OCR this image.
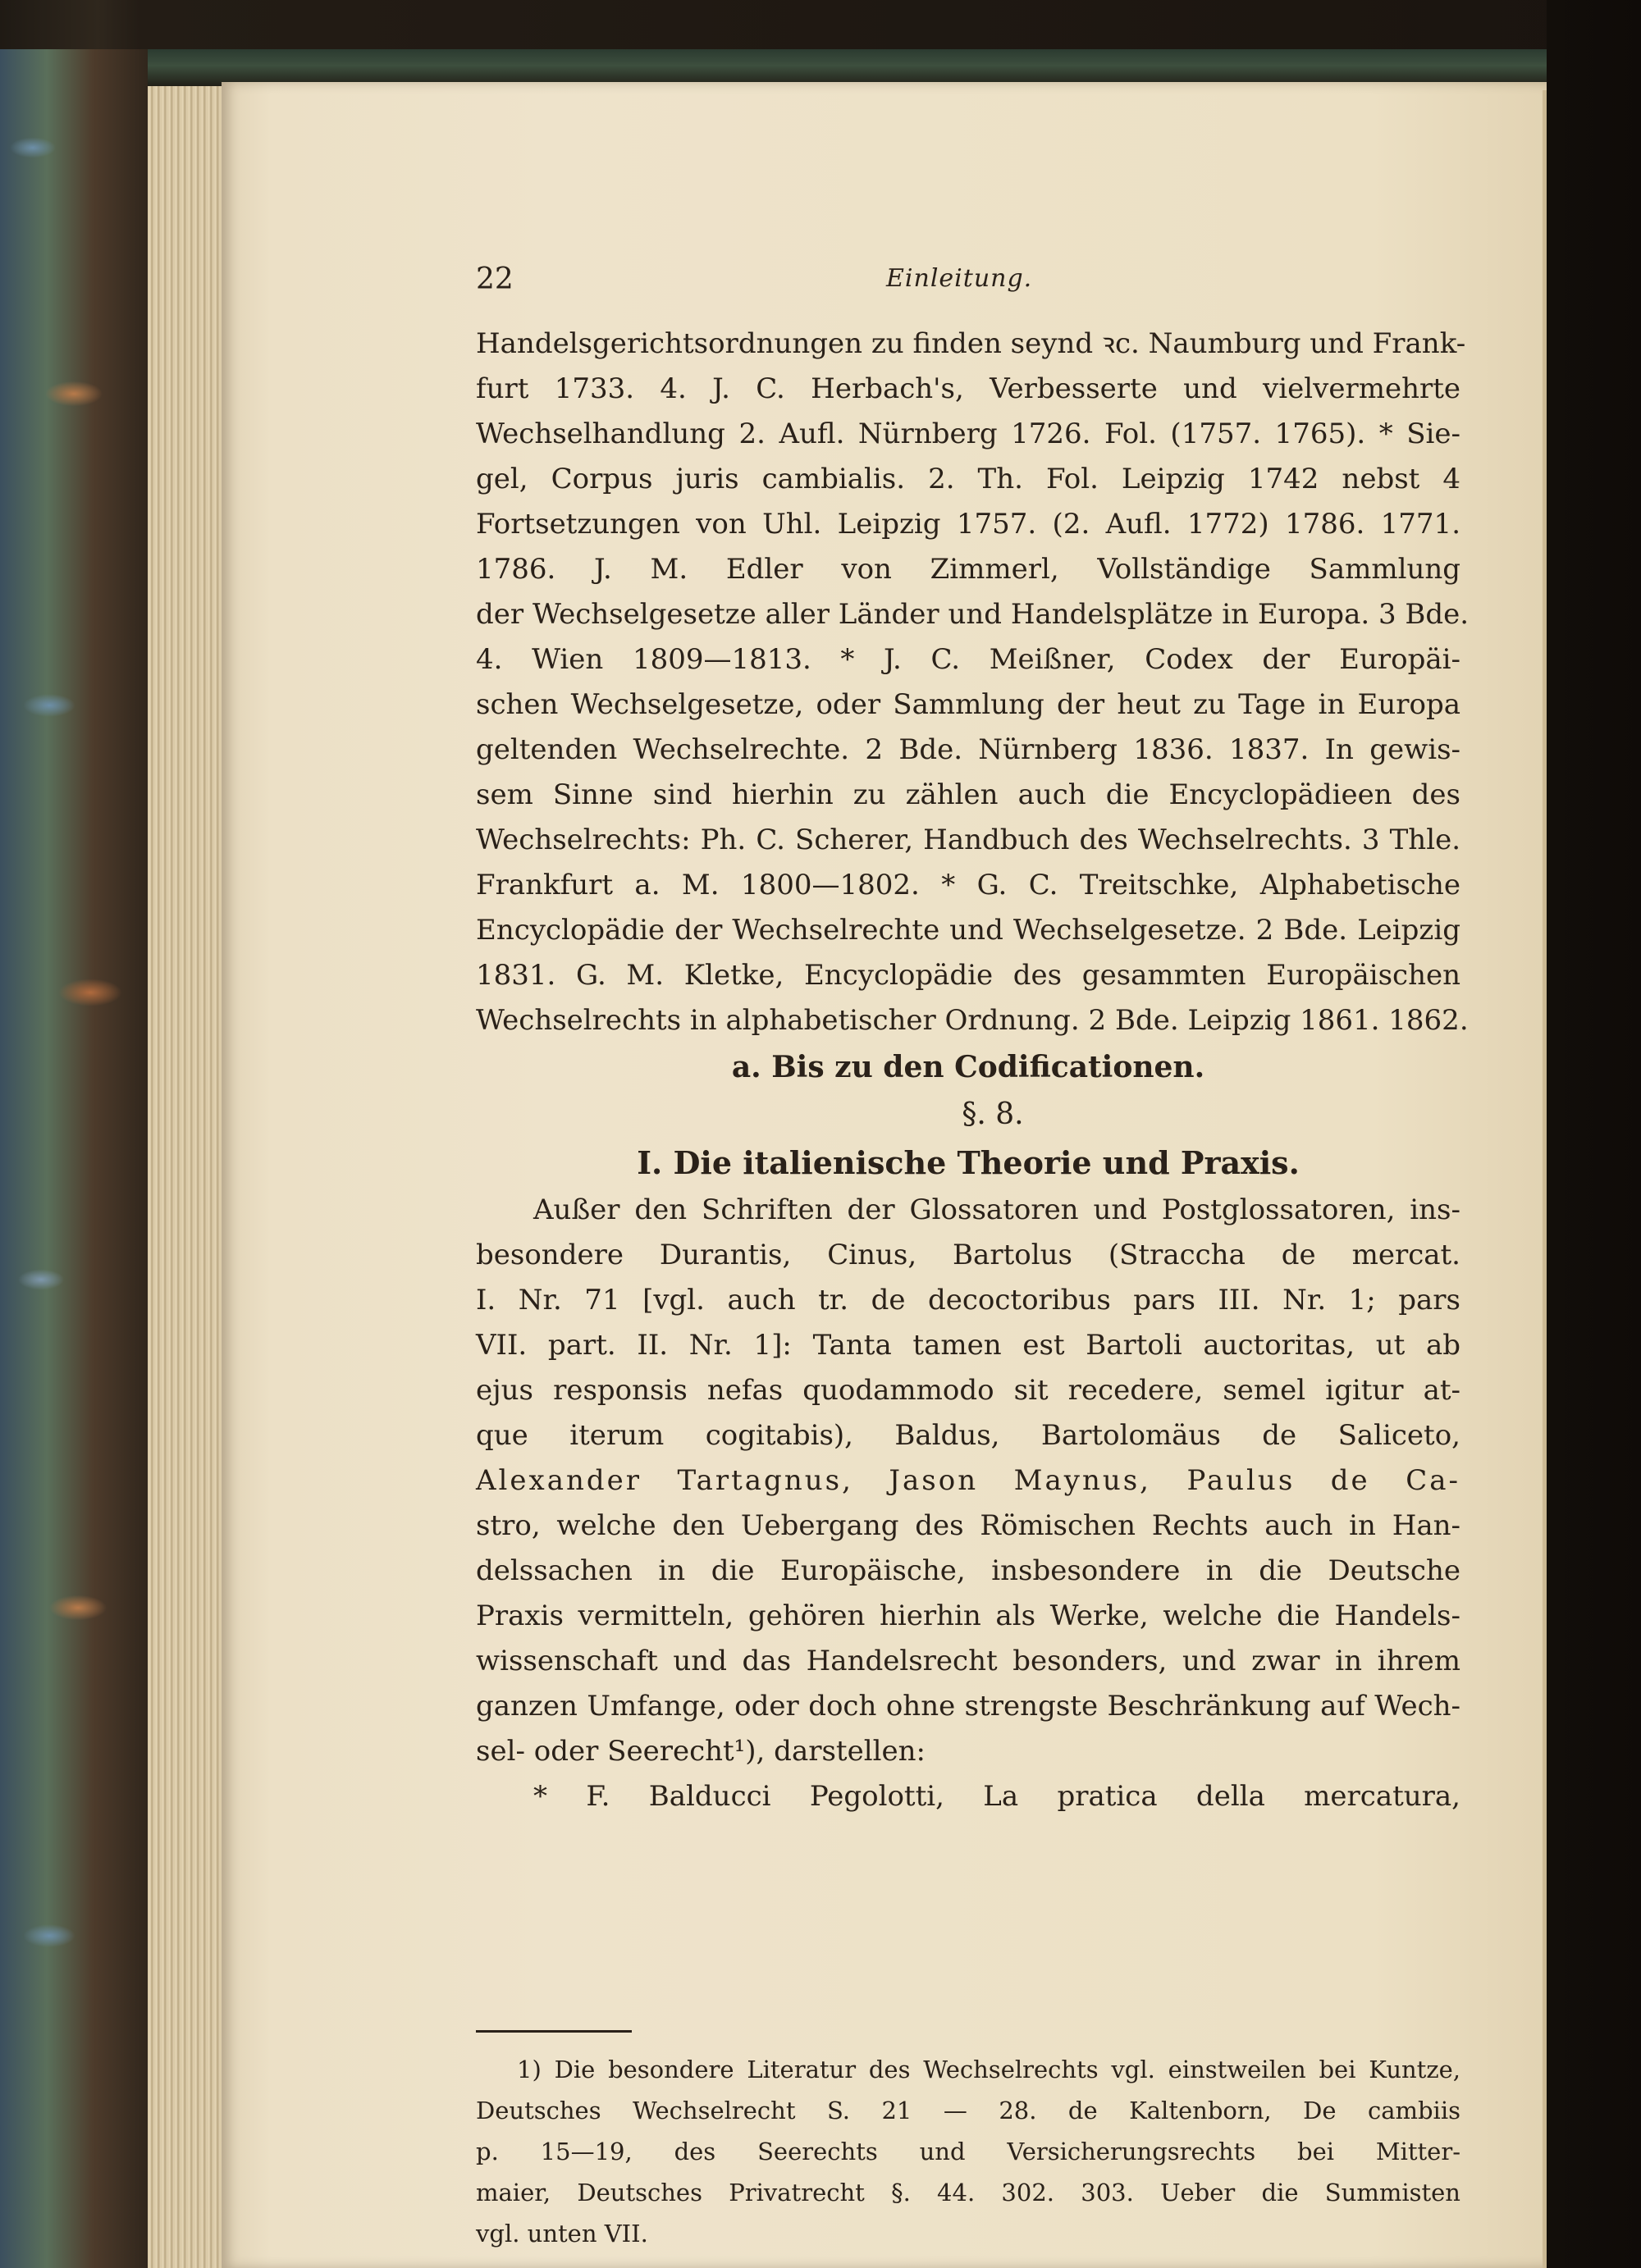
22	Einleitung.
Handelsgerichtsordnungen zu finden seynd ꝛc. Naumburg und Frank-
furt 1733. 4. J. C. Herbach's, Verbesserte und vielvermehrte
Wechselhandlung 2. Aufl. Nürnberg 1726. Fol. (1757. 1765). * Sie-
gel, Corpus juris cambialis. 2. Th. Fol. Leipzig 1742 nebst 4
Fortsetzungen von Uhl. Leipzig 1757. (2. Aufl. 1772) 1786. 1771.
1786. J. M. Edler von Zimmerl, Vollständige Sammlung
der Wechselgesetze aller Länder und Handelsplätze in Europa. 3 Bde.
4. Wien 1809—1813. * J. C. Meißner, Codex der Europäi-
schen Wechselgesetze, oder Sammlung der heut zu Tage in Europa
geltenden Wechselrechte. 2 Bde. Nürnberg 1836. 1837. In gewis-
sem Sinne sind hierhin zu zählen auch die Encyclopädieen des
Wechselrechts: Ph. C. Scherer, Handbuch des Wechselrechts. 3 Thle.
Frankfurt a. M. 1800—1802. * G. C. Treitschke, Alphabetische
Encyclopädie der Wechselrechte und Wechselgesetze. 2 Bde. Leipzig
1831. G. M. Kletke, Encyclopädie des gesammten Europäischen
Wechselrechts in alphabetischer Ordnung. 2 Bde. Leipzig 1861. 1862.
a. Bis zu den Codificationen.
§. 8.
I. Die italienische Theorie und Praxis.
Außer den Schriften der Glossatoren und Postglossatoren, ins-
besondere Durantis, Cinus, Bartolus (Straccha de mercat.
I. Nr. 71 [vgl. auch tr. de decoctoribus pars III. Nr. 1; pars
VII. part. II. Nr. 1]: Tanta tamen est Bartoli auctoritas, ut ab
ejus responsis nefas quodammodo sit recedere, semel igitur at-
que iterum cogitabis), Baldus, Bartolomäus de Saliceto,
Alexander Tartagnus, Jason Maynus, Paulus de Ca-
stro, welche den Uebergang des Römischen Rechts auch in Han-
delssachen in die Europäische, insbesondere in die Deutsche
Praxis vermitteln, gehören hierhin als Werke, welche die Handels-
wissenschaft und das Handelsrecht besonders, und zwar in ihrem
ganzen Umfange, oder doch ohne strengste Beschränkung auf Wech-
sel- oder Seerecht¹), darstellen:
* F. Balducci Pegolotti, La pratica della mercatura,
1) Die besondere Literatur des Wechselrechts vgl. einstweilen bei Kuntze,
Deutsches Wechselrecht S. 21 — 28. de Kaltenborn, De cambiis
p. 15—19, des Seerechts und Versicherungsrechts bei Mitter-
maier, Deutsches Privatrecht §. 44. 302. 303. Ueber die Summisten
vgl. unten VII.
